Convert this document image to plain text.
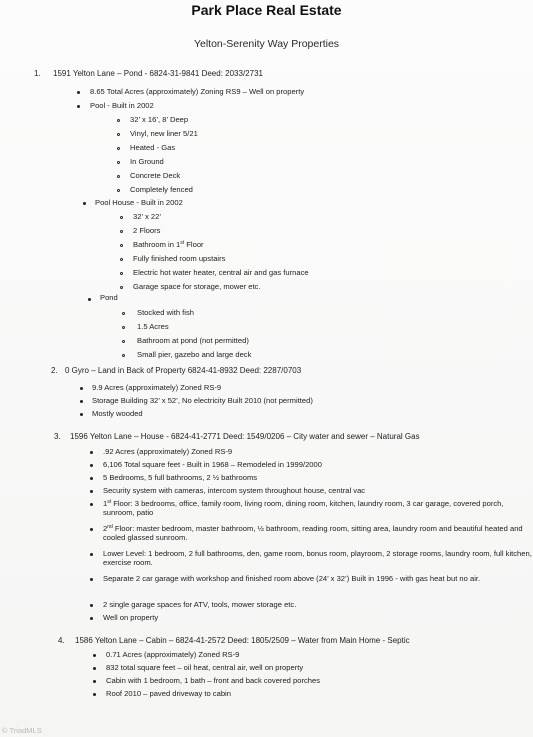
Park Place Real Estate
Yelton-Serenity Way Properties
1. 1591 Yelton Lane – Pond - 6824-31-9841 Deed: 2033/2731
8.65 Total Acres (approximately) Zoning RS9 – Well on property
Pool - Built in 2002
32’ x 16’, 8’ Deep
Vinyl, new liner 5/21
Heated - Gas
In Ground
Concrete Deck
Completely fenced
Pool House - Built in 2002
32’ x 22’
2 Floors
Bathroom in 1st Floor
Fully finished room upstairs
Electric hot water heater, central air and gas furnace
Garage space for storage, mower etc.
Pond
Stocked with fish
1.5 Acres
Bathroom at pond (not permitted)
Small pier, gazebo and large deck
2. 0 Gyro – Land in Back of Property 6824-41-8932 Deed: 2287/0703
9.9 Acres (approximately) Zoned RS-9
Storage Building 32’ x 52’, No electricity Built 2010 (not permitted)
Mostly wooded
3. 1596 Yelton Lane – House - 6824-41-2771 Deed: 1549/0206 – City water and sewer – Natural Gas
.92 Acres (approximately) Zoned RS-9
6,106 Total square feet - Built in 1968 – Remodeled in 1999/2000
5 Bedrooms, 5 full bathrooms, 2 ½ bathrooms
Security system with cameras, intercom system throughout house, central vac
1st Floor: 3 bedrooms, office, family room, living room, dining room, kitchen, laundry room, 3 car garage, covered porch, sunroom, patio
2nd Floor: master bedroom, master bathroom, ½ bathroom, reading room, sitting area, laundry room and beautiful heated and cooled glassed sunroom.
Lower Level: 1 bedroom, 2 full bathrooms, den, game room, bonus room, playroom, 2 storage rooms, laundry room, full kitchen, exercise room.
Separate 2 car garage with workshop and finished room above (24’ x 32’) Built in 1996 - with gas heat but no air.
2 single garage spaces for ATV, tools, mower storage etc.
Well on property
4. 1586 Yelton Lane – Cabin – 6824-41-2572 Deed: 1805/2509 – Water from Main Home - Septic
0.71 Acres (approximately) Zoned RS-9
832 total square feet – oil heat, central air, well on property
Cabin with 1 bedroom, 1 bath – front and back covered porches
Roof 2010 – paved driveway to cabin
© TriadMLS
